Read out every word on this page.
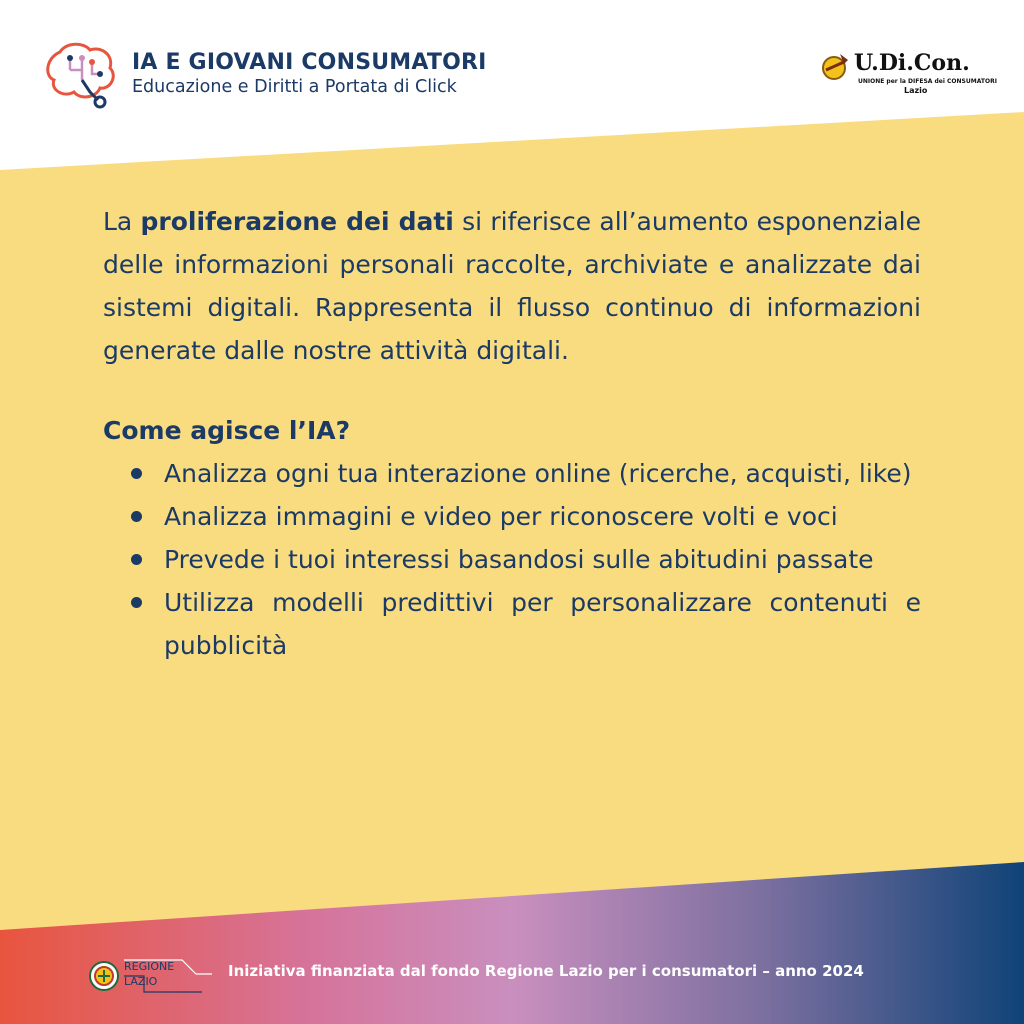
IA E GIOVANI CONSUMATORI
Educazione e Diritti a Portata di Click
U.Di.Con.
UNIONE per la DIFESA dei CONSUMATORI
Lazio

La proliferazione dei dati si riferisce all’aumento esponenziale delle informazioni personali raccolte, archiviate e analizzate dai sistemi digitali. Rappresenta il flusso continuo di informazioni generate dalle nostre attività digitali.

Come agisce l’IA?
Analizza ogni tua interazione online (ricerche, acquisti, like)
Analizza immagini e video per riconoscere volti e voci
Prevede i tuoi interessi basandosi sulle abitudini passate
Utilizza modelli predittivi per personalizzare contenuti e pubblicità
REGIONE
LAZIO
Iniziativa finanziata dal fondo Regione Lazio per i consumatori – anno 2024
